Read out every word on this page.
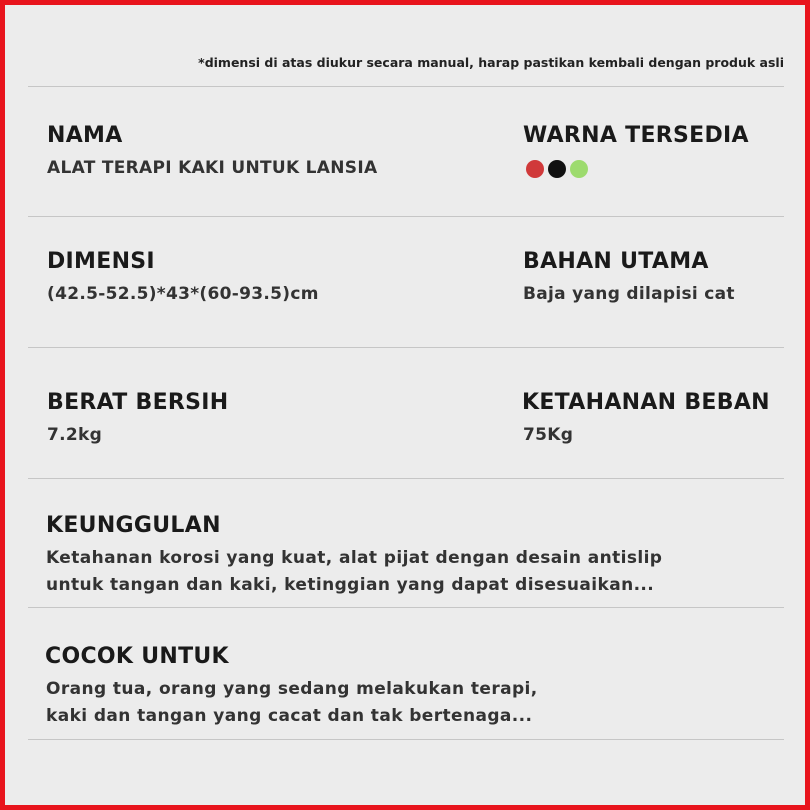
*dimensi di atas diukur secara manual, harap pastikan kembali dengan produk asli
NAMA
ALAT TERAPI KAKI UNTUK LANSIA
WARNA TERSEDIA
DIMENSI
(42.5-52.5)*43*(60-93.5)cm
BAHAN UTAMA
Baja yang dilapisi cat
BERAT BERSIH
7.2kg
KETAHANAN BEBAN
75Kg
KEUNGGULAN
Ketahanan korosi yang kuat, alat pijat dengan desain antislip
untuk tangan dan kaki, ketinggian yang dapat disesuaikan...
COCOK UNTUK
Orang tua, orang yang sedang melakukan terapi,
kaki dan tangan yang cacat dan tak bertenaga...
